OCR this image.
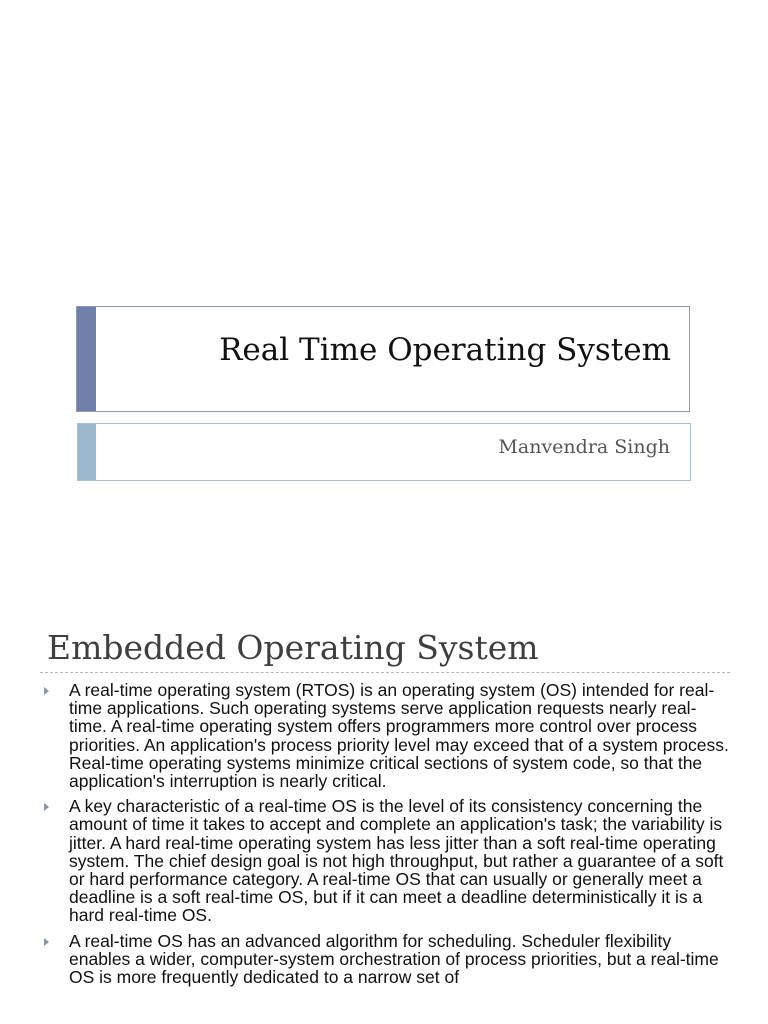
Real Time Operating System
Manvendra Singh
Embedded Operating System
A real-time operating system (RTOS) is an operating system (OS) intended for real-time applications. Such operating systems serve application requests nearly real-time. A real-time operating system offers programmers more control over process priorities. An application's process priority level may exceed that of a system process. Real-time operating systems minimize critical sections of system code, so that the application's interruption is nearly critical.
A key characteristic of a real-time OS is the level of its consistency concerning the amount of time it takes to accept and complete an application's task; the variability is jitter. A hard real-time operating system has less jitter than a soft real-time operating system. The chief design goal is not high throughput, but rather a guarantee of a soft or hard performance category. A real-time OS that can usually or generally meet a deadline is a soft real-time OS, but if it can meet a deadline deterministically it is a hard real-time OS.
A real-time OS has an advanced algorithm for scheduling. Scheduler flexibility enables a wider, computer-system orchestration of process priorities, but a real-time OS is more frequently dedicated to a narrow set of
